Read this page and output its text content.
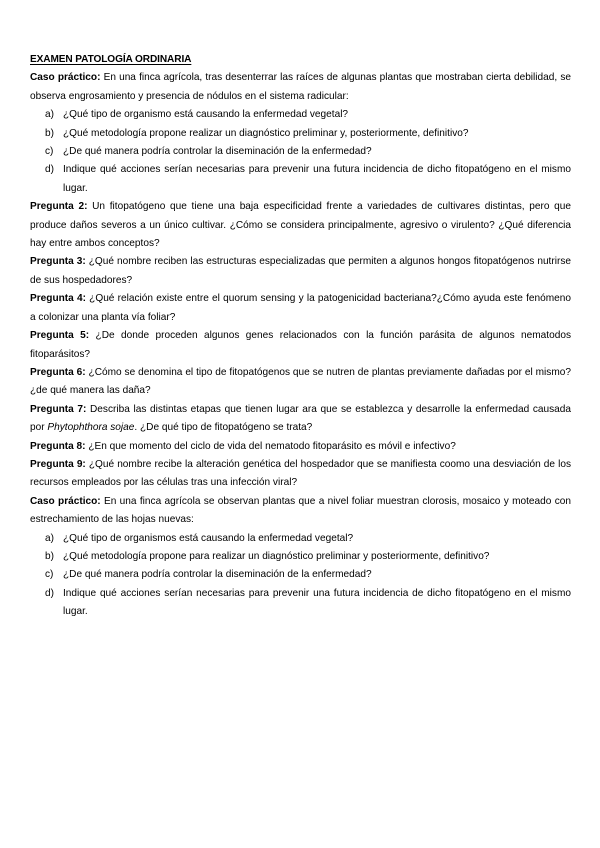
EXAMEN PATOLOGÍA ORDINARIA

Caso práctico: En una finca agrícola, tras desenterrar las raíces de algunas plantas que mostraban cierta debilidad, se observa engrosamiento y presencia de nódulos en el sistema radicular:

a) ¿Qué tipo de organismo está causando la enfermedad vegetal?
b) ¿Qué metodología propone realizar un diagnóstico preliminar y, posteriormente, definitivo?
c) ¿De qué manera podría controlar la diseminación de la enfermedad?
d) Indique qué acciones serían necesarias para prevenir una futura incidencia de dicho fitopatógeno en el mismo lugar.

Pregunta 2: Un fitopatógeno que tiene una baja especificidad frente a variedades de cultivares distintas, pero que produce daños severos a un único cultivar. ¿Cómo se considera principalmente, agresivo o virulento? ¿Qué diferencia hay entre ambos conceptos?

Pregunta 3: ¿Qué nombre reciben las estructuras especializadas que permiten a algunos hongos fitopatógenos nutrirse de sus hospedadores?

Pregunta 4: ¿Qué relación existe entre el quorum sensing y la patogenicidad bacteriana?¿Cómo ayuda este fenómeno a colonizar una planta vía foliar?

Pregunta 5: ¿De donde proceden algunos genes relacionados con la función parásita de algunos nematodos fitoparásitos?

Pregunta 6: ¿Cómo se denomina el tipo de fitopatógenos que se nutren de plantas previamente dañadas por el mismo?¿de qué manera las daña?

Pregunta 7: Describa las distintas etapas que tienen lugar ara que se establezca y desarrolle la enfermedad causada por Phytophthora sojae. ¿De qué tipo de fitopatógeno se trata?

Pregunta 8: ¿En que momento del ciclo de vida del nematodo fitoparásito es móvil e infectivo?

Pregunta 9: ¿Qué nombre recibe la alteración genética del hospedador que se manifiesta coomo una desviación de los recursos empleados por las células tras una infección viral?

Caso práctico: En una finca agrícola se observan plantas que a nivel foliar muestran clorosis, mosaico y moteado con estrechamiento de las hojas nuevas:

a) ¿Qué tipo de organismos está causando la enfermedad vegetal?
b) ¿Qué metodología propone para realizar un diagnóstico preliminar y posteriormente, definitivo?
c) ¿De qué manera podría controlar la diseminación de la enfermedad?
d) Indique qué acciones serían necesarias para prevenir una futura incidencia de dicho fitopatógeno en el mismo lugar.
